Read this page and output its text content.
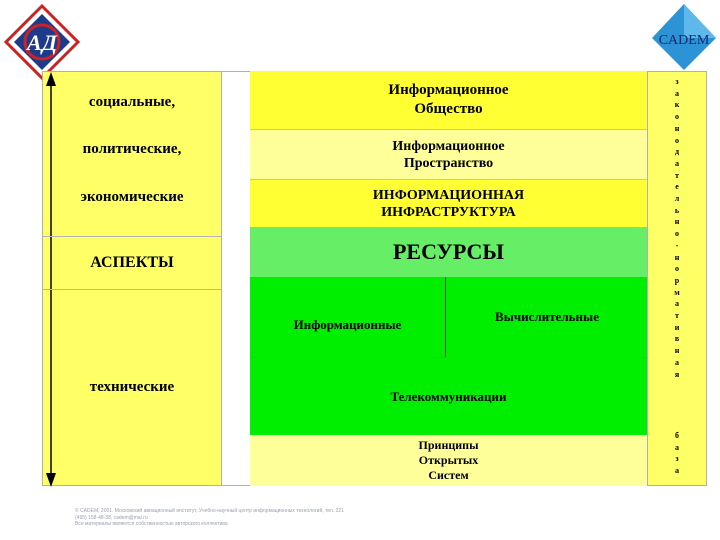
АД	CADEM
социальные,
политические,
экономические
АСПЕКТЫ
технические
Информационное
Общество
Информационное
Пространство
ИНФОРМАЦИОННАЯ
ИНФРАСТРУКТУРА
РЕСУРСЫ
Информационные
Вычислительные
Телекоммуникации
Принципы
Открытых
Систем
з
а
к
о
н
о
д
а
т
е
л
ь
н
о
-
н
о
р
м
а
т
и
в
н
а
я
б
а
з
а
© CADEM, 2001. Московский авиационный институт, Учебно-научный центр информационных технологий, тел. 221
(495) 158-48-38, cadem@mai.ru
Все материалы являются собственностью авторского коллектива
